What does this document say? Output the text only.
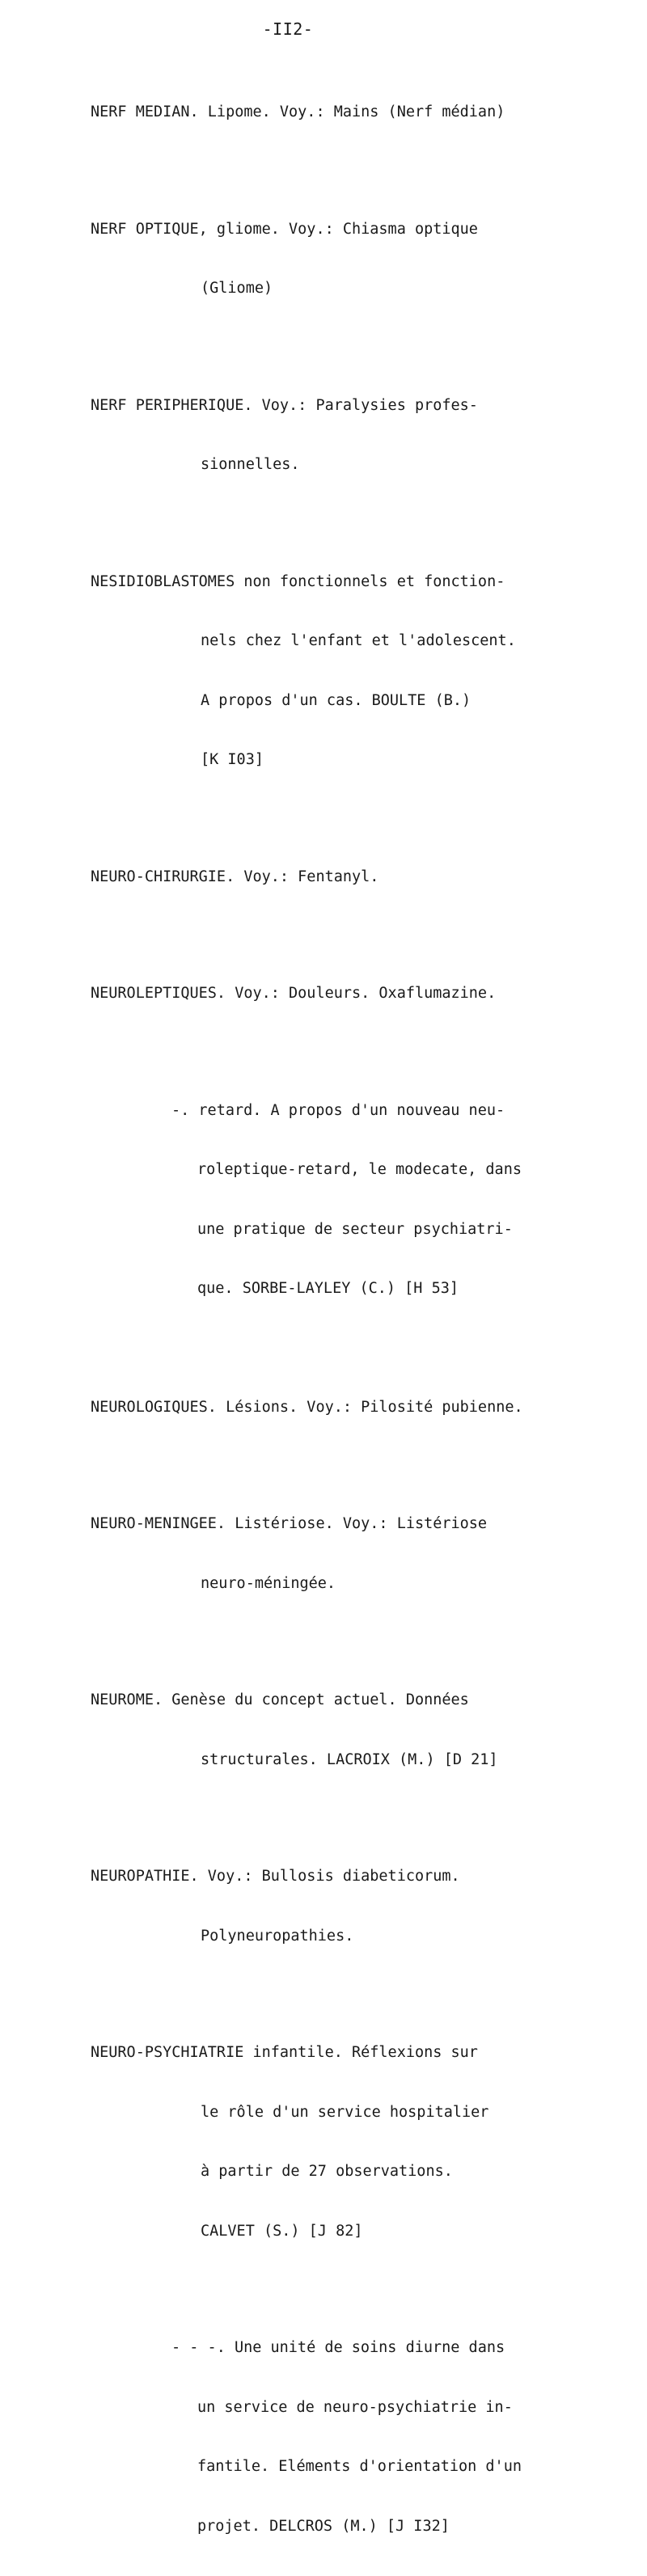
-II2-

NERF MEDIAN. Lipome. Voy.: Mains (Nerf médian)

NERF OPTIQUE, gliome. Voy.: Chiasma optique

(Gliome)

NERF PERIPHERIQUE. Voy.: Paralysies profes-

sionnelles.

NESIDIOBLASTOMES non fonctionnels et fonction-

nels chez l'enfant et l'adolescent.

A propos d'un cas. BOULTE (B.)

[K I03]

NEURO-CHIRURGIE. Voy.: Fentanyl.

NEUROLEPTIQUES. Voy.: Douleurs. Oxaflumazine.

-. retard. A propos d'un nouveau neu-

roleptique-retard, le modecate, dans

une pratique de secteur psychiatri-

que. SORBE-LAYLEY (C.) [H 53]

NEUROLOGIQUES. Lésions. Voy.: Pilosité pubienne.

NEURO-MENINGEE. Listériose. Voy.: Listériose

neuro-méningée.

NEUROME. Genèse du concept actuel. Données

structurales. LACROIX (M.) [D 21]

NEUROPATHIE. Voy.: Bullosis diabeticorum.

Polyneuropathies.

NEURO-PSYCHIATRIE infantile. Réflexions sur

le rôle d'un service hospitalier

à partir de 27 observations.

CALVET (S.) [J 82]

- - -. Une unité de soins diurne dans

un service de neuro-psychiatrie in-

fantile. Eléments d'orientation d'un

projet. DELCROS (M.) [J I32]
